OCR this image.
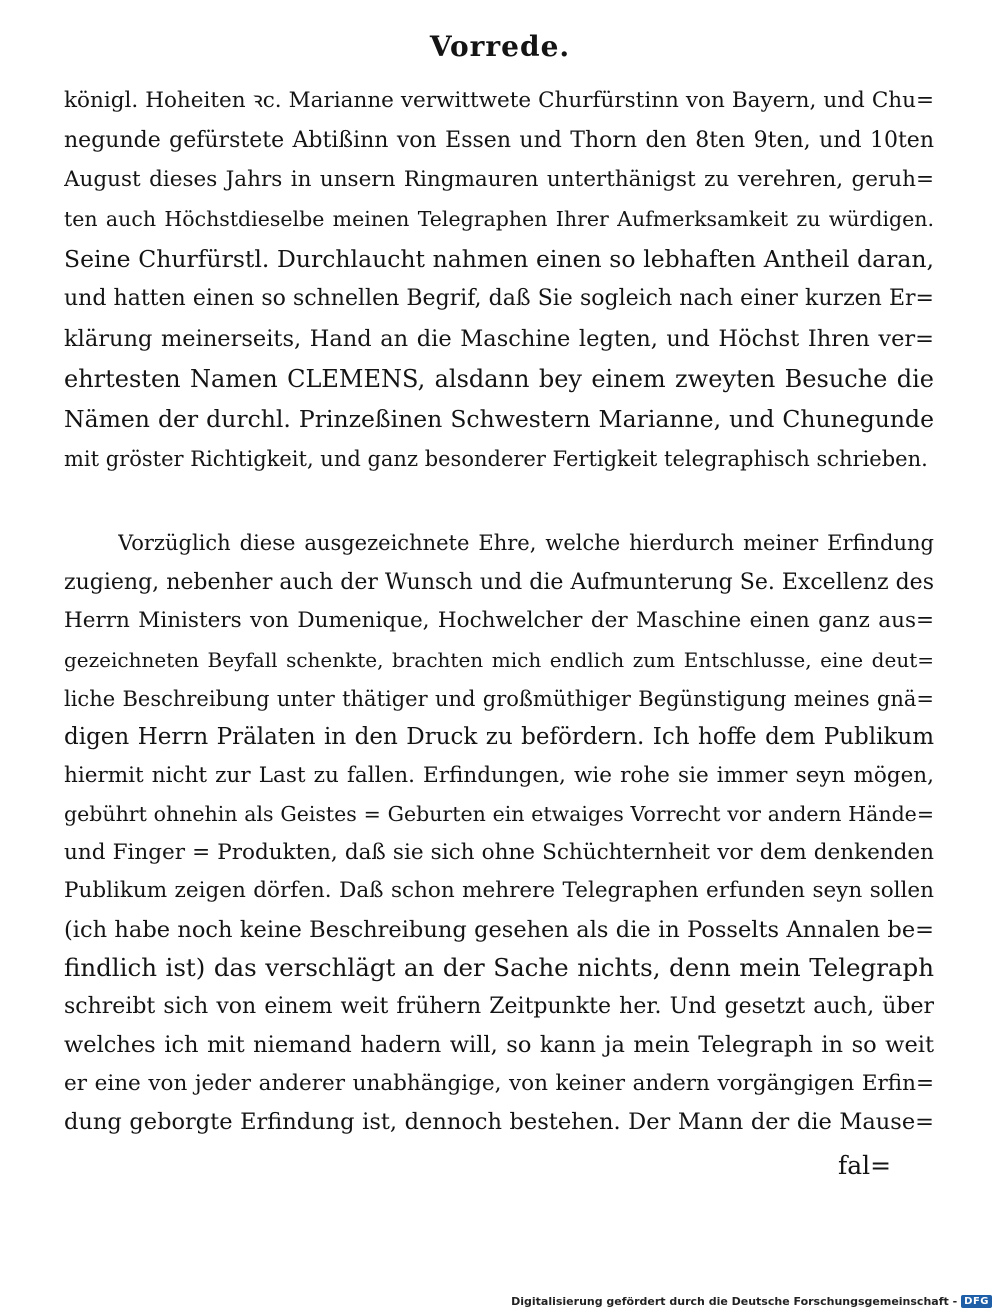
Vorrede.
königl. Hoheiten ꝛc. Marianne verwittwete Churfürstinn von Bayern, und Chu=
negunde gefürstete Abtißinn von Essen und Thorn den 8ten 9ten, und 10ten
August dieses Jahrs in unsern Ringmauren unterthänigst zu verehren, geruh=
ten auch Höchstdieselbe meinen Telegraphen Ihrer Aufmerksamkeit zu würdigen.
Seine Churfürstl. Durchlaucht nahmen einen so lebhaften Antheil daran,
und hatten einen so schnellen Begrif, daß Sie sogleich nach einer kurzen Er=
klärung meinerseits, Hand an die Maschine legten, und Höchst Ihren ver=
ehrtesten Namen CLEMENS, alsdann bey einem zweyten Besuche die
Nämen der durchl. Prinzeßinen Schwestern Marianne, und Chunegunde
mit gröster Richtigkeit, und ganz besonderer Fertigkeit telegraphisch schrieben.
Vorzüglich diese ausgezeichnete Ehre, welche hierdurch meiner Erfindung
zugieng, nebenher auch der Wunsch und die Aufmunterung Se. Excellenz des
Herrn Ministers von Dumenique, Hochwelcher der Maschine einen ganz aus=
gezeichneten Beyfall schenkte, brachten mich endlich zum Entschlusse, eine deut=
liche Beschreibung unter thätiger und großmüthiger Begünstigung meines gnä=
digen Herrn Prälaten in den Druck zu befördern. Ich hoffe dem Publikum
hiermit nicht zur Last zu fallen. Erfindungen, wie rohe sie immer seyn mögen,
gebührt ohnehin als Geistes = Geburten ein etwaiges Vorrecht vor andern Hände=
und Finger = Produkten, daß sie sich ohne Schüchternheit vor dem denkenden
Publikum zeigen dörfen. Daß schon mehrere Telegraphen erfunden seyn sollen
(ich habe noch keine Beschreibung gesehen als die in Posselts Annalen be=
findlich ist) das verschlägt an der Sache nichts, denn mein Telegraph
schreibt sich von einem weit frühern Zeitpunkte her. Und gesetzt auch, über
welches ich mit niemand hadern will, so kann ja mein Telegraph in so weit
er eine von jeder anderer unabhängige, von keiner andern vorgängigen Erfin=
dung geborgte Erfindung ist, dennoch bestehen. Der Mann der die Mause=
fal=
Digitalisierung gefördert durch die Deutsche Forschungsgemeinschaft - DFG
